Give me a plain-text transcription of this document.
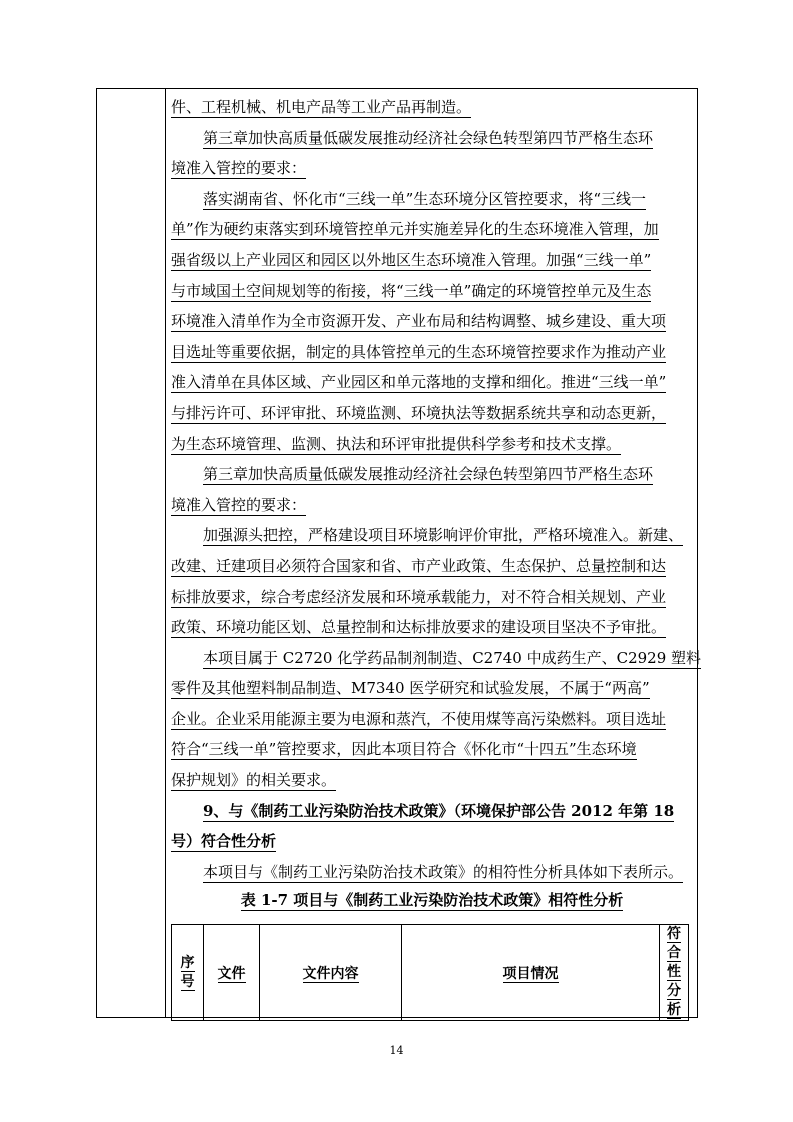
件、工程机械、机电产品等工业产品再制造。
第三章加快高质量低碳发展推动经济社会绿色转型第四节严格生态环
境准入管控的要求：
落实湖南省、怀化市“三线一单”生态环境分区管控要求，将“三线一
单”作为硬约束落实到环境管控单元并实施差异化的生态环境准入管理，加
强省级以上产业园区和园区以外地区生态环境准入管理。加强“三线一单”
与市域国土空间规划等的衔接，将“三线一单”确定的环境管控单元及生态
环境准入清单作为全市资源开发、产业布局和结构调整、城乡建设、重大项
目选址等重要依据，制定的具体管控单元的生态环境管控要求作为推动产业
准入清单在具体区域、产业园区和单元落地的支撑和细化。推进“三线一单”
与排污许可、环评审批、环境监测、环境执法等数据系统共享和动态更新，
为生态环境管理、监测、执法和环评审批提供科学参考和技术支撑。
第三章加快高质量低碳发展推动经济社会绿色转型第四节严格生态环
境准入管控的要求：
加强源头把控，严格建设项目环境影响评价审批，严格环境准入。新建、
改建、迁建项目必须符合国家和省、市产业政策、生态保护、总量控制和达
标排放要求，综合考虑经济发展和环境承载能力，对不符合相关规划、产业
政策、环境功能区划、总量控制和达标排放要求的建设项目坚决不予审批。
本项目属于 C2720 化学药品制剂制造、C2740 中成药生产、C2929 塑料
零件及其他塑料制品制造、M7340 医学研究和试验发展，不属于“两高”
企业。企业采用能源主要为电源和蒸汽，不使用煤等高污染燃料。项目选址
符合“三线一单”管控要求，因此本项目符合《怀化市“十四五”生态环境
保护规划》的相关要求。
9、与《制药工业污染防治技术政策》（环境保护部公告 2012 年第 18
号）符合性分析
本项目与《制药工业污染防治技术政策》的相符性分析具体如下表所示。
表 1-7 项目与《制药工业污染防治技术政策》相符性分析
序
号	文件	文件内容	项目情况	符
合
性
分
析
14
